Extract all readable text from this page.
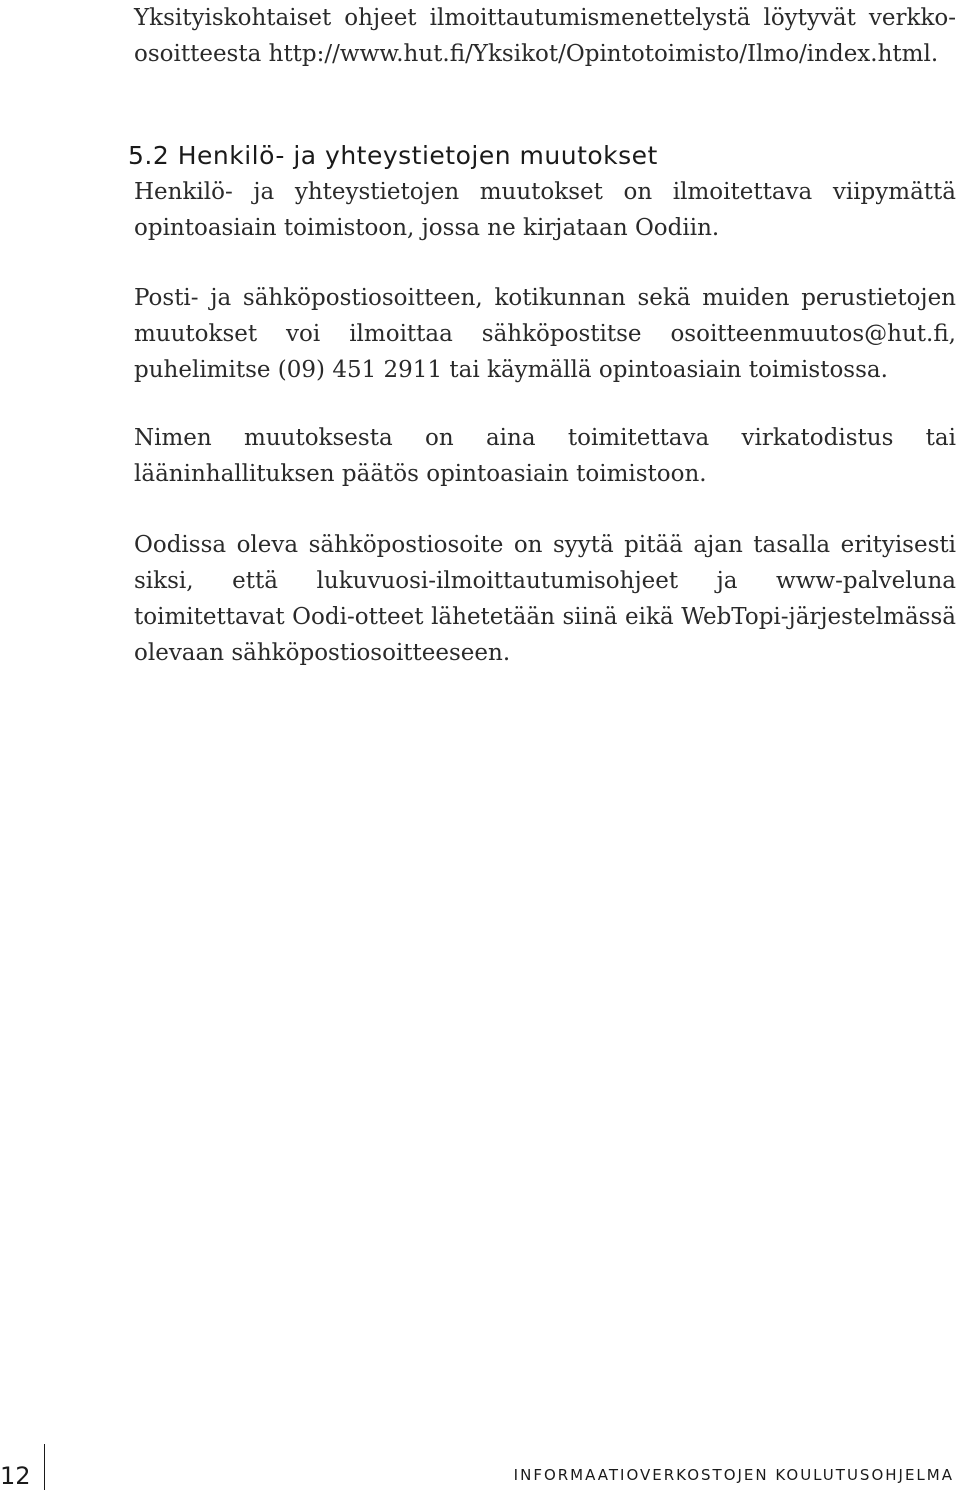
Yksityiskohtaiset ohjeet ilmoittautumismenettelystä löytyvät verkko-osoitteesta http://www.hut.fi/Yksikot/Opintotoimisto/Ilmo/index.html.

5.2 Henkilö- ja yhteystietojen muutokset

Henkilö- ja yhteystietojen muutokset on ilmoitettava viipymättä opintoasiain toimistoon, jossa ne kirjataan Oodiin.

Posti- ja sähköpostiosoitteen, kotikunnan sekä muiden perustietojen muutokset voi ilmoittaa sähköpostitse osoitteenmuutos@hut.fi, puhelimitse (09) 451 2911 tai käymällä opintoasiain toimistossa.

Nimen muutoksesta on aina toimitettava virkatodistus tai lääninhallituksen päätös opintoasiain toimistoon.

Oodissa oleva sähköpostiosoite on syytä pitää ajan tasalla erityisesti siksi, että lukuvuosi-ilmoittautumisohjeet ja www-palveluna toimitettavat Oodi-otteet lähetetään siinä eikä WebTopi-järjestelmässä olevaan sähköpostiosoitteeseen.

12	INFORMAATIOVERKOSTOJEN KOULUTUSOHJELMA
